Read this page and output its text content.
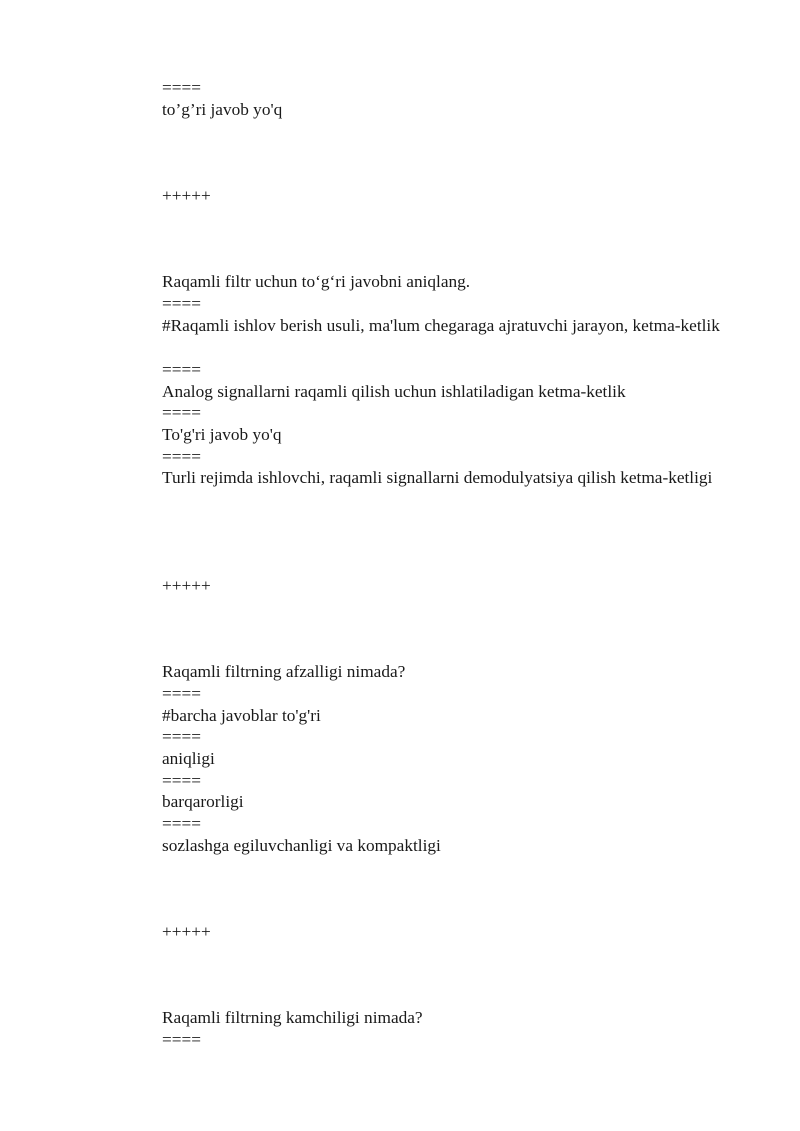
====

to’g’ri javob yo'q

+++++

Raqamli filtr uchun to‘g‘ri javobni aniqlang.

====

#Raqamli ishlov berish usuli, ma'lum chegaraga ajratuvchi jarayon, ketma-ketlik

====

Analog signallarni raqamli qilish uchun ishlatiladigan ketma-ketlik

====

To'g'ri javob yo'q

====

Turli rejimda ishlovchi, raqamli signallarni demodulyatsiya qilish ketma-ketligi

+++++

Raqamli filtrning afzalligi nimada?

====

#barcha javoblar to'g'ri

====

aniqligi

====

barqarorligi

====

sozlashga egiluvchanligi va kompaktligi

+++++

Raqamli filtrning kamchiligi nimada?

====
